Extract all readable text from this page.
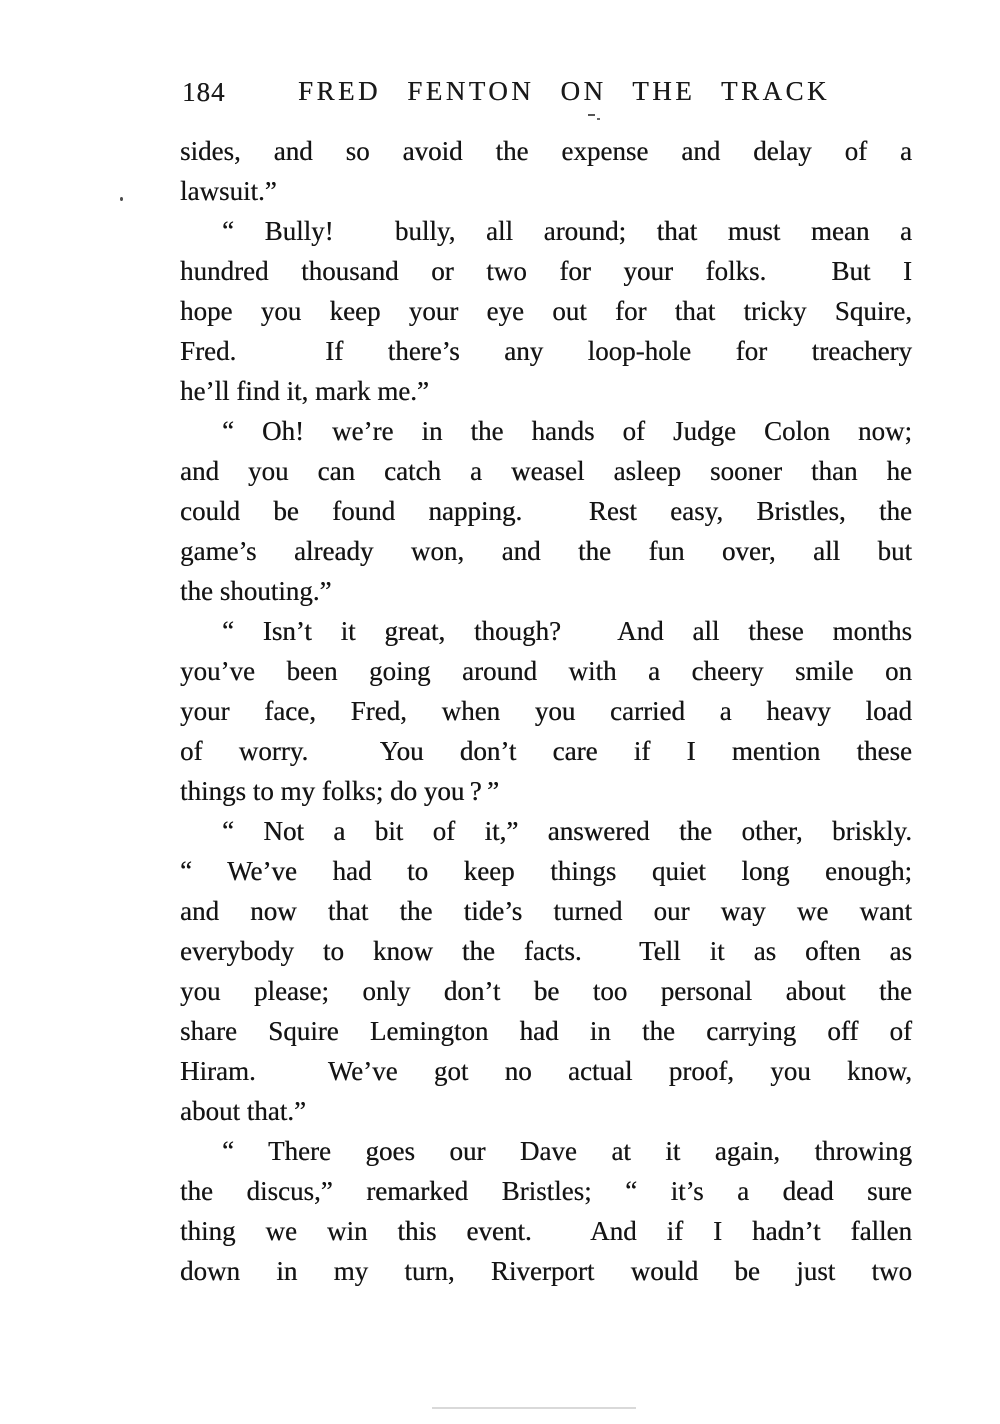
184	FRED FENTON ON THE TRACK
sides, and so avoid the expense and delay of a
lawsuit.”
“ Bully!  bully, all around; that must mean a
hundred thousand or two for your folks.  But I
hope you keep your eye out for that tricky Squire,
Fred.  If there’s any loop-hole for treachery
he’ll find it, mark me.”
“ Oh! we’re in the hands of Judge Colon now;
and you can catch a weasel asleep sooner than he
could be found napping.  Rest easy, Bristles, the
game’s already won, and the fun over, all but
the shouting.”
“ Isn’t it great, though?  And all these months
you’ve been going around with a cheery smile on
your face, Fred, when you carried a heavy load
of worry.  You don’t care if I mention these
things to my folks; do you ? ”
“ Not a bit of it,” answered the other, briskly.
“ We’ve had to keep things quiet long enough;
and now that the tide’s turned our way we want
everybody to know the facts.  Tell it as often as
you please; only don’t be too personal about the
share Squire Lemington had in the carrying off of
Hiram.  We’ve got no actual proof, you know,
about that.”
“ There goes our Dave at it again, throwing
the discus,” remarked Bristles; “ it’s a dead sure
thing we win this event.  And if I hadn’t fallen
down in my turn, Riverport would be just two
